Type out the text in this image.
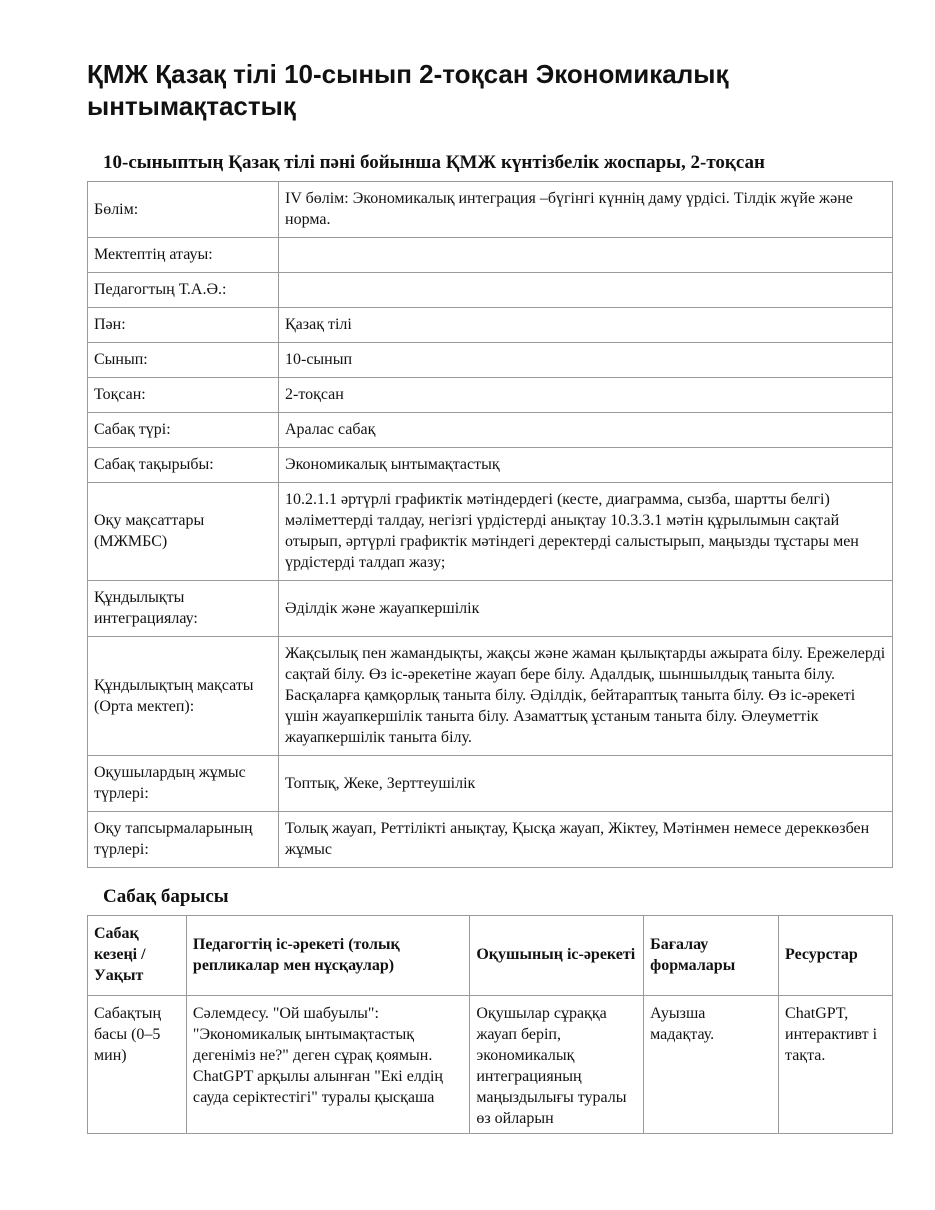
ҚМЖ Қазақ тілі 10-сынып 2-тоқсан Экономикалық ынтымақтастық
10-сыныптың Қазақ тілі пәні бойынша ҚМЖ күнтізбелік жоспары, 2-тоқсан
Бөлім:	IV бөлім: Экономикалық интеграция –бүгінгі күннің даму үрдісі. Тілдік жүйе және норма.
Мектептің атауы:	
Педагогтың Т.А.Ә.:	
Пән:	Қазақ тілі
Сынып:	10-сынып
Тоқсан:	2-тоқсан
Сабақ түрі:	Аралас сабақ
Сабақ тақырыбы:	Экономикалық ынтымақтастық
Оқу мақсаттары (МЖМБС)	10.2.1.1 әртүрлі графиктік мәтіндердегі (кесте, диаграмма, сызба, шартты белгі) мәліметтерді талдау, негізгі үрдістерді анықтау 10.3.3.1 мәтін құрылымын сақтай отырып, әртүрлі графиктік мәтіндегі деректерді салыстырып, маңызды тұстары мен үрдістерді талдап жазу;
Құндылықты интеграциялау:	Әділдік және жауапкершілік
Құндылықтың мақсаты (Орта мектеп):	Жақсылық пен жамандықты, жақсы және жаман қылықтарды ажырата білу. Ережелерді сақтай білу. Өз іс-әрекетіне жауап бере білу. Адалдық, шыншылдық таныта білу. Басқаларға қамқорлық таныта білу. Әділдік, бейтараптық таныта білу. Өз іс-әрекеті үшін жауапкершілік таныта білу. Азаматтық ұстаным таныта білу. Әлеуметтік жауапкершілік таныта білу.
Оқушылардың жұмыс түрлері:	Топтық, Жеке, Зерттеушілік
Оқу тапсырмаларының түрлері:	Толық жауап, Реттілікті анықтау, Қысқа жауап, Жіктеу, Мәтінмен немесе дереккөзбен жұмыс
Сабақ барысы
Сабақ кезеңі / Уақыт	Педагогтің іс-әрекеті (толық репликалар мен нұсқаулар)	Оқушының іс-әрекеті	Бағалау формалары	Ресурстар
Сабақтың басы (0–5 мин)	Сәлемдесу. "Ой шабуылы": "Экономикалық ынтымақтастық дегеніміз не?" деген сұрақ қоямын. ChatGPT арқылы алынған "Екі елдің сауда серіктестігі" туралы қысқаша	Оқушылар сұраққа жауап беріп, экономикалық интеграцияның маңыздылығы туралы өз ойларын	Ауызша мадақтау.	ChatGPT, интерактивт і тақта.
